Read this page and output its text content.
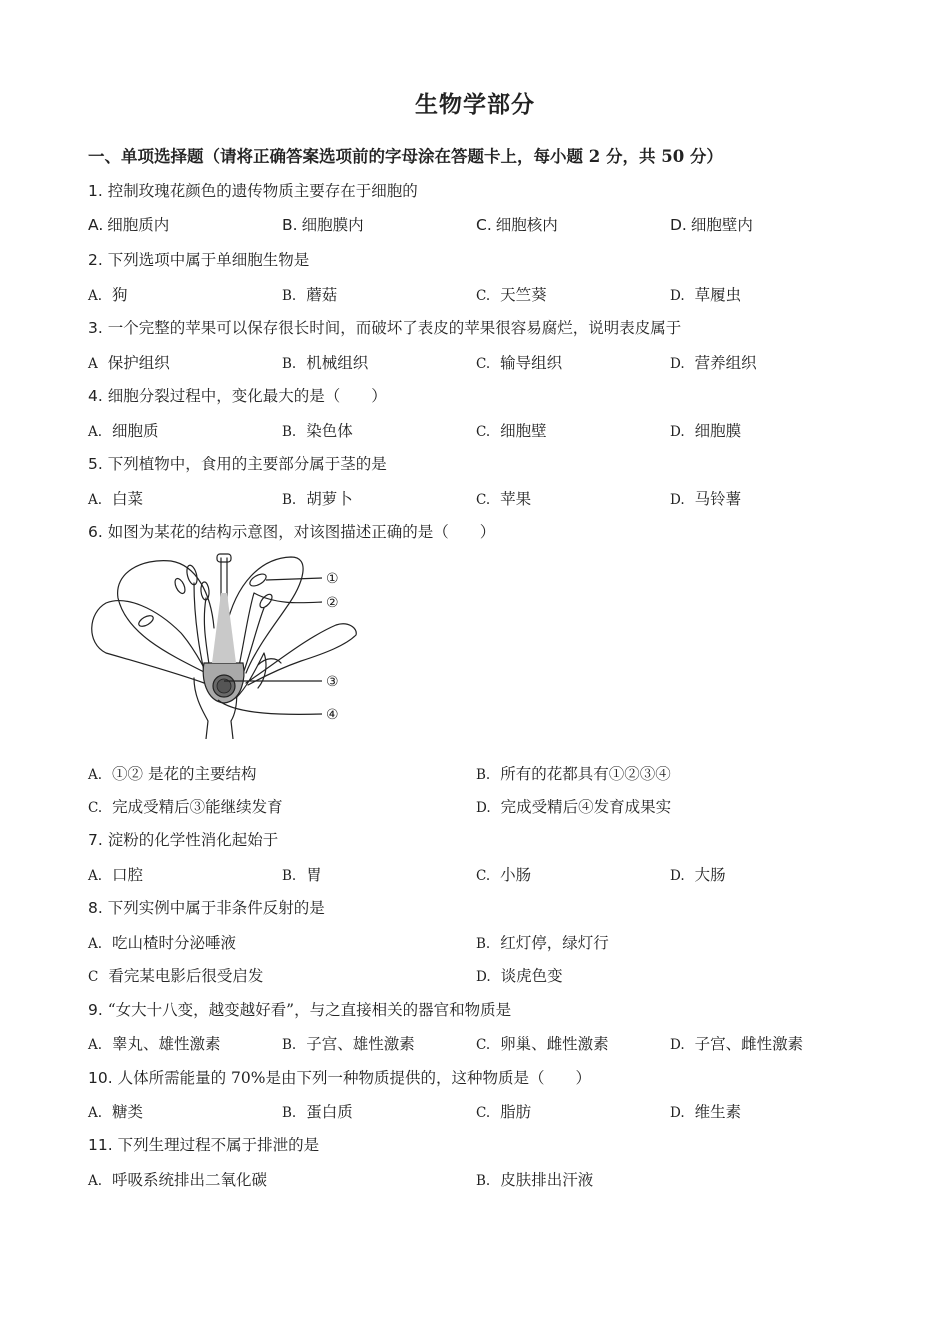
生物学部分
一、单项选择题（请将正确答案选项前的字母涂在答题卡上，每小题 2 分，共 50 分）
1. 控制玫瑰花颜色的遗传物质主要存在于细胞的
A. 细胞质内	B. 细胞膜内	C. 细胞核内	D. 细胞壁内
2. 下列选项中属于单细胞生物是
A. 狗	B. 蘑菇	C. 天竺葵	D. 草履虫
3. 一个完整的苹果可以保存很长时间，而破坏了表皮的苹果很容易腐烂，说明表皮属于
A 保护组织	B. 机械组织	C. 输导组织	D. 营养组织
4. 细胞分裂过程中，变化最大的是（　　）
A. 细胞质	B. 染色体	C. 细胞壁	D. 细胞膜
5. 下列植物中，食用的主要部分属于茎的是
A. 白菜	B. 胡萝卜	C. 苹果	D. 马铃薯
6. 如图为某花的结构示意图，对该图描述正确的是（　　）
①
②
③
④
A. ①② 是花的主要结构	B. 所有的花都具有①②③④
C. 完成受精后③能继续发育	D. 完成受精后④发育成果实
7. 淀粉的化学性消化起始于
A. 口腔	B. 胃	C. 小肠	D. 大肠
8. 下列实例中属于非条件反射的是
A. 吃山楂时分泌唾液	B. 红灯停，绿灯行
C 看完某电影后很受启发	D. 谈虎色变
9. “女大十八变，越变越好看”，与之直接相关的器官和物质是
A. 睾丸、雄性激素	B. 子宫、雄性激素	C. 卵巢、雌性激素	D. 子宫、雌性激素
10. 人体所需能量的 70%是由下列一种物质提供的，这种物质是（　　）
A. 糖类	B. 蛋白质	C. 脂肪	D. 维生素
11. 下列生理过程不属于排泄的是
A. 呼吸系统排出二氧化碳	B. 皮肤排出汗液
